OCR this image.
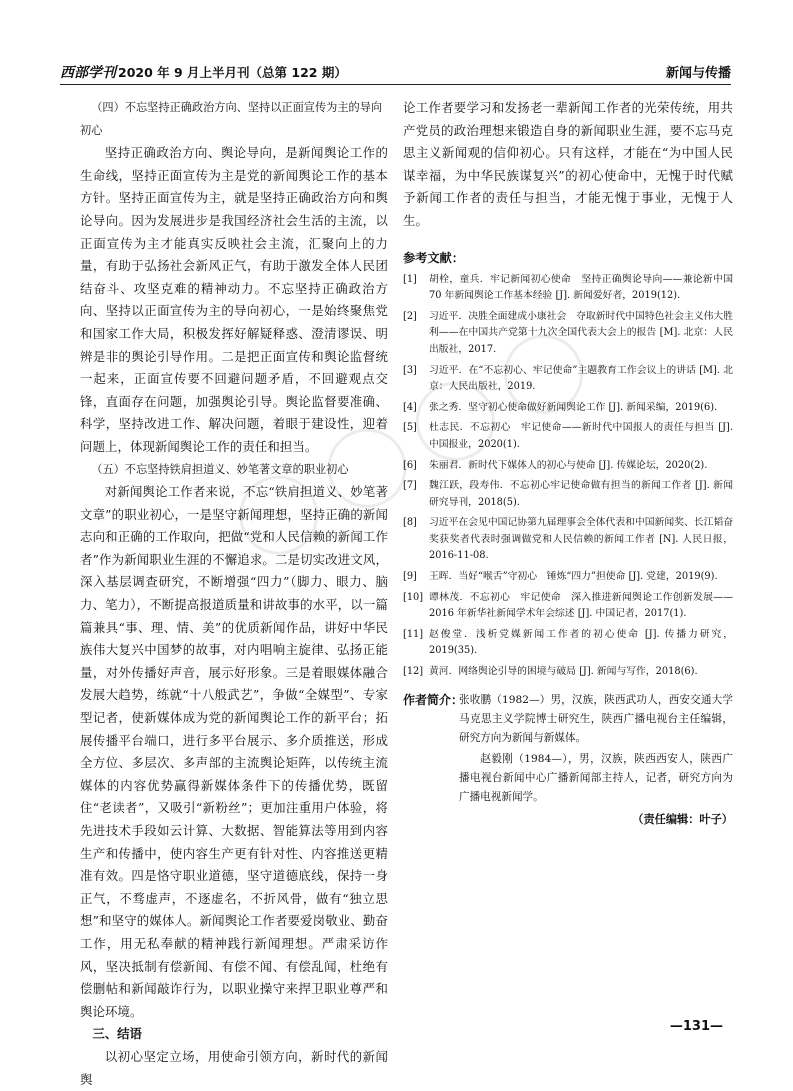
西部学刊 2020 年 9 月上半月刊（总第 122 期）	新闻与传播

（四）不忘坚持正确政治方向、坚持以正面宣传为主的导向初心

坚持正确政治方向、舆论导向，是新闻舆论工作的生命线，坚持正面宣传为主是党的新闻舆论工作的基本方针。坚持正面宣传为主，就是坚持正确政治方向和舆论导向。因为发展进步是我国经济社会生活的主流，以正面宣传为主才能真实反映社会主流，汇聚向上的力量，有助于弘扬社会新风正气，有助于激发全体人民团结奋斗、攻坚克难的精神动力。不忘坚持正确政治方向、坚持以正面宣传为主的导向初心，一是始终聚焦党和国家工作大局，积极发挥好解疑释惑、澄清谬误、明辨是非的舆论引导作用。二是把正面宣传和舆论监督统一起来，正面宣传要不回避问题矛盾，不回避观点交锋，直面存在问题，加强舆论引导。舆论监督要准确、科学，坚持改进工作、解决问题，着眼于建设性，迎着问题上，体现新闻舆论工作的责任和担当。

（五）不忘坚持铁肩担道义、妙笔著文章的职业初心

对新闻舆论工作者来说，不忘“铁肩担道义、妙笔著文章”的职业初心，一是坚守新闻理想，坚持正确的新闻志向和正确的工作取向，把做“党和人民信赖的新闻工作者”作为新闻职业生涯的不懈追求。二是切实改进文风，深入基层调查研究，不断增强“四力”（脚力、眼力、脑力、笔力），不断提高报道质量和讲故事的水平，以一篇篇兼具“事、理、情、美”的优质新闻作品，讲好中华民族伟大复兴中国梦的故事，对内唱响主旋律、弘扬正能量，对外传播好声音，展示好形象。三是着眼媒体融合发展大趋势，练就“十八般武艺”，争做“全媒型”、专家型记者，使新媒体成为党的新闻舆论工作的新平台；拓展传播平台端口，进行多平台展示、多介质推送，形成全方位、多层次、多声部的主流舆论矩阵，以传统主流媒体的内容优势赢得新媒体条件下的传播优势，既留住“老读者”，又吸引“新粉丝”；更加注重用户体验，将先进技术手段如云计算、大数据、智能算法等用到内容生产和传播中，使内容生产更有针对性、内容推送更精准有效。四是恪守职业道德，坚守道德底线，保持一身正气，不骛虚声，不逐虚名，不折风骨，做有“独立思想”和坚守的媒体人。新闻舆论工作者要爱岗敬业、勤奋工作，用无私奉献的精神践行新闻理想。严肃采访作风，坚决抵制有偿新闻、有偿不闻、有偿乱闻，杜绝有偿删帖和新闻敲诈行为，以职业操守来捍卫职业尊严和舆论环境。

三、结语

以初心坚定立场，用使命引领方向，新时代的新闻舆

论工作者要学习和发扬老一辈新闻工作者的光荣传统，用共产党员的政治理想来锻造自身的新闻职业生涯，要不忘马克思主义新闻观的信仰初心。只有这样，才能在“为中国人民谋幸福，为中华民族谋复兴”的初心使命中，无愧于时代赋予新闻工作者的责任与担当，才能无愧于事业，无愧于人生。

参考文献：
[1] 胡栓，童兵．牢记新闻初心使命　坚持正确舆论导向——兼论新中国 70 年新闻舆论工作基本经验 [J]. 新闻爱好者，2019(12).
[2] 习近平．决胜全面建成小康社会　夺取新时代中国特色社会主义伟大胜利——在中国共产党第十九次全国代表大会上的报告 [M]. 北京：人民出版社，2017.
[3] 习近平．在“不忘初心、牢记使命”主题教育工作会议上的讲话 [M]. 北京：人民出版社，2019.
[4] 张之秀．坚守初心使命做好新闻舆论工作 [J]. 新闻采编，2019(6).
[5] 杜志民．不忘初心　牢记使命——新时代中国报人的责任与担当 [J]. 中国报业，2020(1).
[6] 朱丽君．新时代下媒体人的初心与使命 [J]. 传媒论坛，2020(2).
[7] 魏江跃，段寿伟．不忘初心牢记使命做有担当的新闻工作者 [J]. 新闻研究导刊，2018(5).
[8] 习近平在会见中国记协第九届理事会全体代表和中国新闻奖、长江韬奋奖获奖者代表时强调做党和人民信赖的新闻工作者 [N]. 人民日报，2016-11-08.
[9] 王晖．当好“喉舌”守初心　锤炼“四力”担使命 [J]. 党建，2019(9).
[10] 谭林茂．不忘初心　牢记使命　深入推进新闻舆论工作创新发展——2016 年新华社新闻学术年会综述 [J]. 中国记者，2017(1).
[11] 赵俊堂．浅析党媒新闻工作者的初心使命 [J]. 传播力研究，2019(35).
[12] 黄河．网络舆论引导的困境与破局 [J]. 新闻与写作，2018(6).
作者简介：

张收鹏（1982—）男，汉族，陕西武功人，西安交通大学马克思主义学院博士研究生，陕西广播电视台主任编辑，研究方向为新闻与新媒体。

赵毅刚（1984—），男，汉族，陕西西安人，陕西广播电视台新闻中心广播新闻部主持人，记者，研究方向为广播电视新闻学。

（责任编辑：叶子）
—131—
